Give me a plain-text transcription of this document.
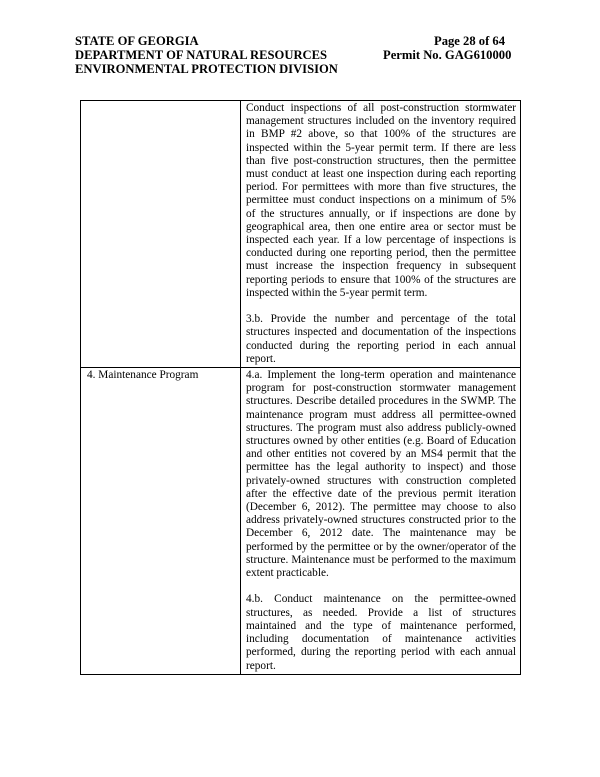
STATE OF GEORGIA	Page 28 of 64
DEPARTMENT OF NATURAL RESOURCES	Permit No. GAG610000
ENVIRONMENTAL PROTECTION DIVISION

	Conduct inspections of all post-construction stormwater management structures included on the inventory required in BMP #2 above, so that 100% of the structures are inspected within the 5-year permit term. If there are less than five post-construction structures, then the permittee must conduct at least one inspection during each reporting period. For permittees with more than five structures, the permittee must conduct inspections on a minimum of 5% of the structures annually, or if inspections are done by geographical area, then one entire area or sector must be inspected each year. If a low percentage of inspections is conducted during one reporting period, then the permittee must increase the inspection frequency in subsequent reporting periods to ensure that 100% of the structures are inspected within the 5-year permit term.

3.b. Provide the number and percentage of the total structures inspected and documentation of the inspections conducted during the reporting period in each annual report.

4. Maintenance Program	4.a. Implement the long-term operation and maintenance program for post-construction stormwater management structures. Describe detailed procedures in the SWMP. The maintenance program must address all permittee-owned structures. The program must also address publicly-owned structures owned by other entities (e.g. Board of Education and other entities not covered by an MS4 permit that the permittee has the legal authority to inspect) and those privately-owned structures with construction completed after the effective date of the previous permit iteration (December 6, 2012). The permittee may choose to also address privately-owned structures constructed prior to the December 6, 2012 date. The maintenance may be performed by the permittee or by the owner/operator of the structure. Maintenance must be performed to the maximum extent practicable.

4.b. Conduct maintenance on the permittee-owned structures, as needed. Provide a list of structures maintained and the type of maintenance performed, including documentation of maintenance activities performed, during the reporting period with each annual report.
